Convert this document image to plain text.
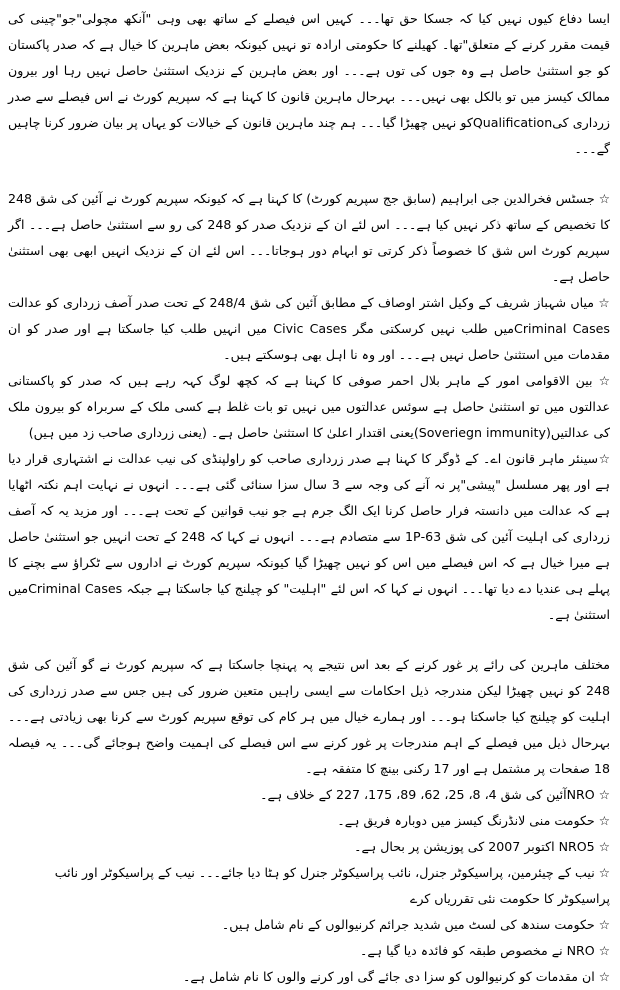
ایسا دفاع کیوں نہیں کیا کہ جسکا حق تھا۔۔۔ کہیں اس فیصلے کے ساتھ بھی وہی "آنکھ مچولی"جو"چینی کی قیمت مقرر کرنے کے متعلق"تھا۔ کھیلنے کا حکومتی ارادہ تو نہیں کیونکہ بعض ماہرین کا خیال ہے کہ صدر پاکستان کو جو استثنیٰ حاصل ہے وہ جوں کی توں ہے۔۔۔ اور بعض ماہرین کے نزدیک استثنیٰ حاصل نہیں رہا اور بیرون ممالک کیسز میں تو بالکل بھی نہیں۔۔۔ بہرحال ماہرین قانون کا کہنا ہے کہ سپریم کورٹ نے اس فیصلے سے صدر زرداری کیQualificationکو نہیں چھیڑا گیا۔۔۔ ہم چند ماہرین قانون کے خیالات کو یہاں پر بیان ضرور کرنا چاہیں گے۔۔۔

☆ جسٹس فخرالدین جی ابراہیم (سابق جج سپریم کورٹ) کا کہنا ہے کہ کیونکہ سپریم کورٹ نے آئین کی شق 248 کا تخصیص کے ساتھ ذکر نہیں کیا ہے۔۔۔ اس لئے ان کے نزدیک صدر کو 248 کی رو سے استثنیٰ حاصل ہے۔۔۔ اگر سپریم کورٹ اس شق کا خصوصاً ذکر کرتی تو ابہام دور ہوجاتا۔۔۔ اس لئے ان کے نزدیک انہیں ابھی بھی استثنیٰ حاصل ہے۔

☆ میاں شہباز شریف کے وکیل اشتر اوصاف کے مطابق آئین کی شق 248/4 کے تحت صدر آصف زرداری کو عدالت Criminal Casesمیں طلب نہیں کرسکتی مگر Civic Cases میں انہیں طلب کیا جاسکتا ہے اور صدر کو ان مقدمات میں استثنیٰ حاصل نہیں ہے۔۔۔ اور وہ نا اہل بھی ہوسکتے ہیں۔

☆ بین الاقوامی امور کے ماہر بلال احمر صوفی کا کہنا ہے کہ کچھ لوگ کہہ رہے ہیں کہ صدر کو پاکستانی عدالتوں میں تو استثنیٰ حاصل ہے سوئس عدالتوں میں نہیں تو بات غلط ہے کسی ملک کے سربراہ کو بیرون ملک کی عدالتیں(Soveriegn immunity)یعنی اقتدار اعلیٰ کا استثنیٰ حاصل ہے۔ (یعنی زرداری صاحب زد میں ہیں)

☆سینئر ماہر قانون اے۔ کے ڈوگر کا کہنا ہے صدر زرداری صاحب کو راولپنڈی کی نیب عدالت نے اشتہاری قرار دیا ہے اور پھر مسلسل "پیشی"پر نہ آنے کی وجہ سے 3 سال سزا سنائی گئی ہے۔۔۔ انہوں نے نہایت اہم نکتہ اٹھایا ہے کہ عدالت میں دانستہ فرار حاصل کرنا ایک الگ جرم ہے جو نیب قوانین کے تحت ہے۔۔۔ اور مزید یہ کہ آصف زرداری کی اہلیت آئین کی شق 63-1P سے متصادم ہے۔۔۔ انہوں نے کہا کہ 248 کے تحت انہیں جو استثنیٰ حاصل ہے میرا خیال ہے کہ اس فیصلے میں اس کو نہیں چھیڑا گیا کیونکہ سپریم کورٹ نے اداروں سے ٹکراؤ سے بچنے کا پہلے ہی عندیا دے دیا تھا۔۔۔ انہوں نے کہا کہ اس لئے "اہلیت" کو چیلنج کیا جاسکتا ہے جبکہ Criminal Casesمیں استثنیٰ ہے۔

مختلف ماہرین کی رائے پر غور کرنے کے بعد اس نتیجے پہ پہنچا جاسکتا ہے کہ سپریم کورٹ نے گو آئین کی شق 248 کو نہیں چھیڑا لیکن مندرجہ ذیل احکامات سے ایسی راہیں متعین ضرور کی ہیں جس سے صدر زرداری کی اہلیت کو چیلنج کیا جاسکتا ہو۔۔۔ اور ہمارے خیال میں ہر کام کی توقع سپریم کورٹ سے کرنا بھی زیادتی ہے۔۔۔ بہرحال ذیل میں فیصلے کے اہم مندرجات پر غور کرنے سے اس فیصلے کی اہمیت واضح ہوجائے گی۔۔۔ یہ فیصلہ 18 صفحات پر مشتمل ہے اور 17 رکنی بینچ کا متفقہ ہے۔

☆ NROآئین کی شق 4، 8، 25، 62، 89، 175، 227 کے خلاف ہے۔

☆ حکومت منی لانڈرنگ کیسز میں دوبارہ فریق ہے۔

☆ NRO5 اکتوبر 2007 کی پوزیشن پر بحال ہے۔

☆ نیب کے چیئرمین، پراسیکوٹر جنرل، نائب پراسیکوٹر جنرل کو ہٹا دیا جائے۔۔۔ نیب کے پراسیکوٹر اور نائب پراسیکوٹر کا حکومت نئی تقرریاں کرے

☆ حکومت سندھ کی لسٹ میں شدید جرائم کرنیوالوں کے نام شامل ہیں۔

☆ NRO نے مخصوص طبقہ کو فائدہ دیا گیا ہے۔

☆ ان مقدمات کو کرنیوالوں کو سزا دی جائے گی اور کرنے والوں کا نام شامل ہے۔
